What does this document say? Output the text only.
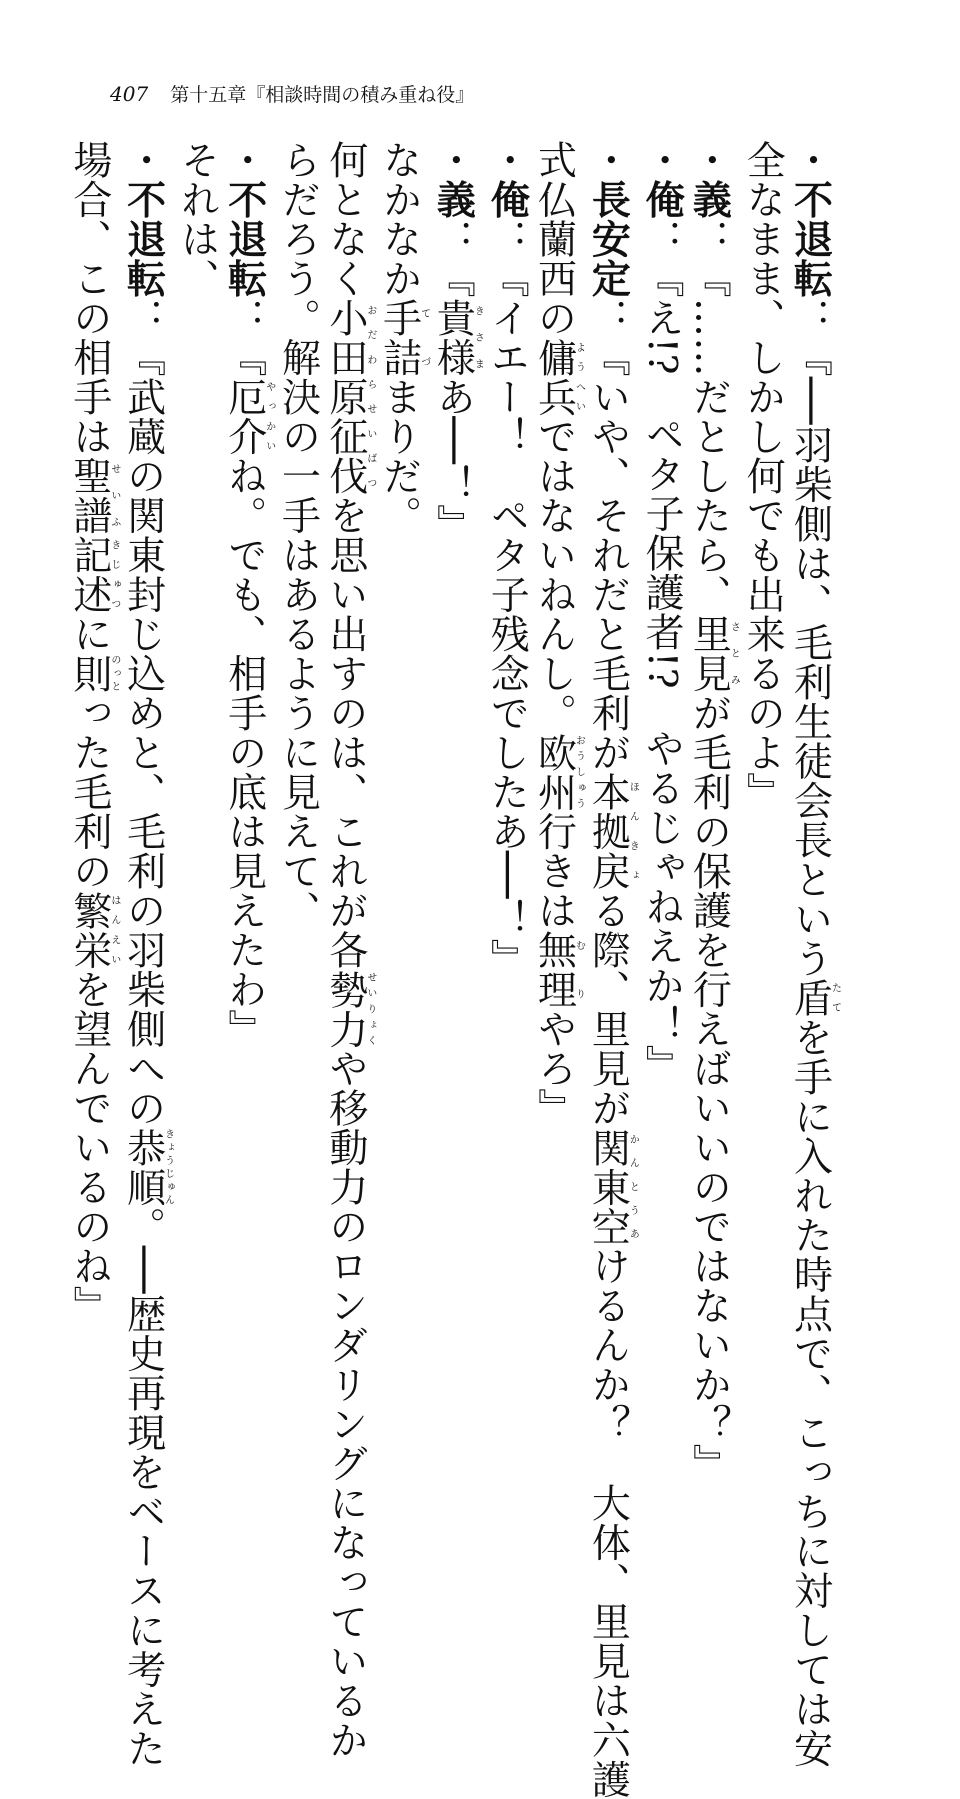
407 第十五章『相談時間の積み重ね役』
・不退転：『──羽柴側は、毛利生徒会長という盾たてを手に入れた時点で、こっちに対しては安
全なまま、しかし何でも出来るのよ』
・義：『……だとしたら、里見さとみが毛利の保護を行えばいいのではないか？』
・俺：『え!?　ペタ子保護者!?　やるじゃねえか！』
・長安定：『いや、それだと毛利が本拠戻ほんきょる際、里見が関東空かんとうあけるんか？　大体、里見は六護
式仏蘭西の傭兵ようへいではないねんし。欧州おうしゅう行きは無理むりやろ』
・俺：『イエー！　ペタ子残念でしたあ──！』
・義：『貴様きさまあ──！』
なかなか手詰てづまりだ。
何となく小田原征伐おだわらせいばつを思い出すのは、これが各勢力せいりょくや移動力のロンダリングになっているか
らだろう。解決の一手はあるように見えて、
・不退転：『厄介やっかいね。でも、相手の底は見えたわ』
それは、
・不退転：『武蔵の関東封じ込めと、毛利の羽柴側への恭順きょうじゅん。──歴史再現をベースに考えた
場合、この相手は聖譜せいふ記述きじゅつに則のっとった毛利の繁栄はんえいを望んでいるのね』
